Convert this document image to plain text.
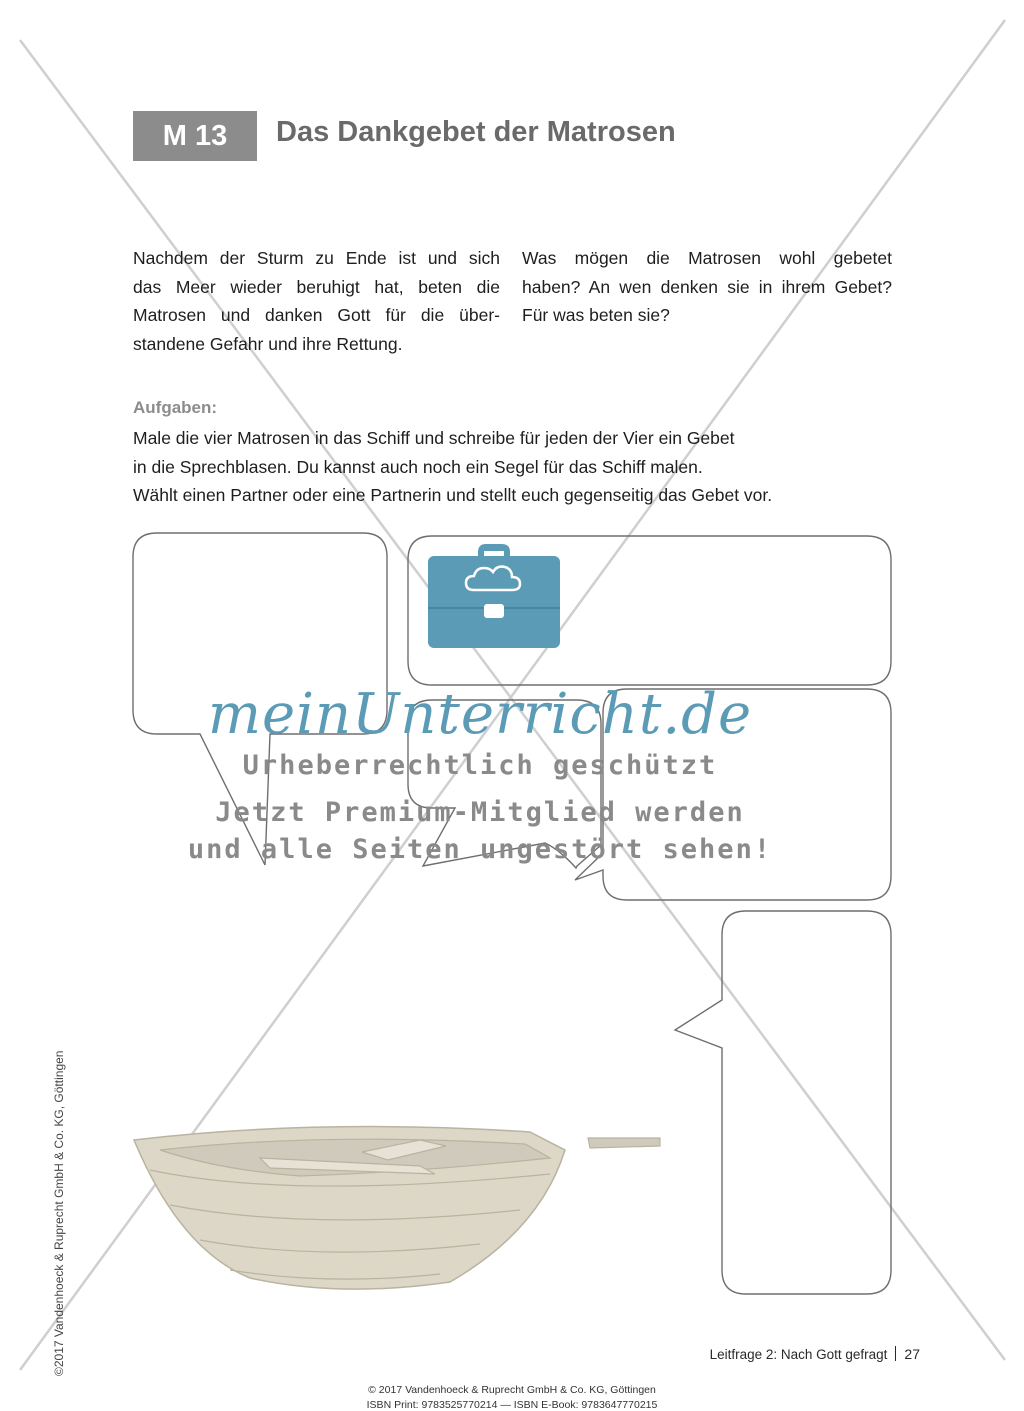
M 13	Das Dankgebet der Matrosen
Nachdem der Sturm zu Ende ist und sich
das Meer wieder beruhigt hat, beten die
Matrosen und danken Gott für die über-
standene Gefahr und ihre Rettung.
Was mögen die Matrosen wohl gebetet
haben? An wen denken sie in ihrem Gebet?
Für was beten sie?
Aufgaben:
Male die vier Matrosen in das Schiff und schreibe für jeden der Vier ein Gebet
in die Sprechblasen. Du kannst auch noch ein Segel für das Schiff malen.
Wählt einen Partner oder eine Partnerin und stellt euch gegenseitig das Gebet vor.
meinUnterricht.de
Urheberrechtlich geschützt
Jetzt Premium-Mitglied werden
und alle Seiten ungestört sehen!
©2017 Vandenhoeck & Ruprecht GmbH & Co. KG, Göttingen	Leitfrage 2: Nach Gott gefragt 27
© 2017 Vandenhoeck & Ruprecht GmbH & Co. KG, Göttingen
ISBN Print: 9783525770214 — ISBN E-Book: 9783647770215
